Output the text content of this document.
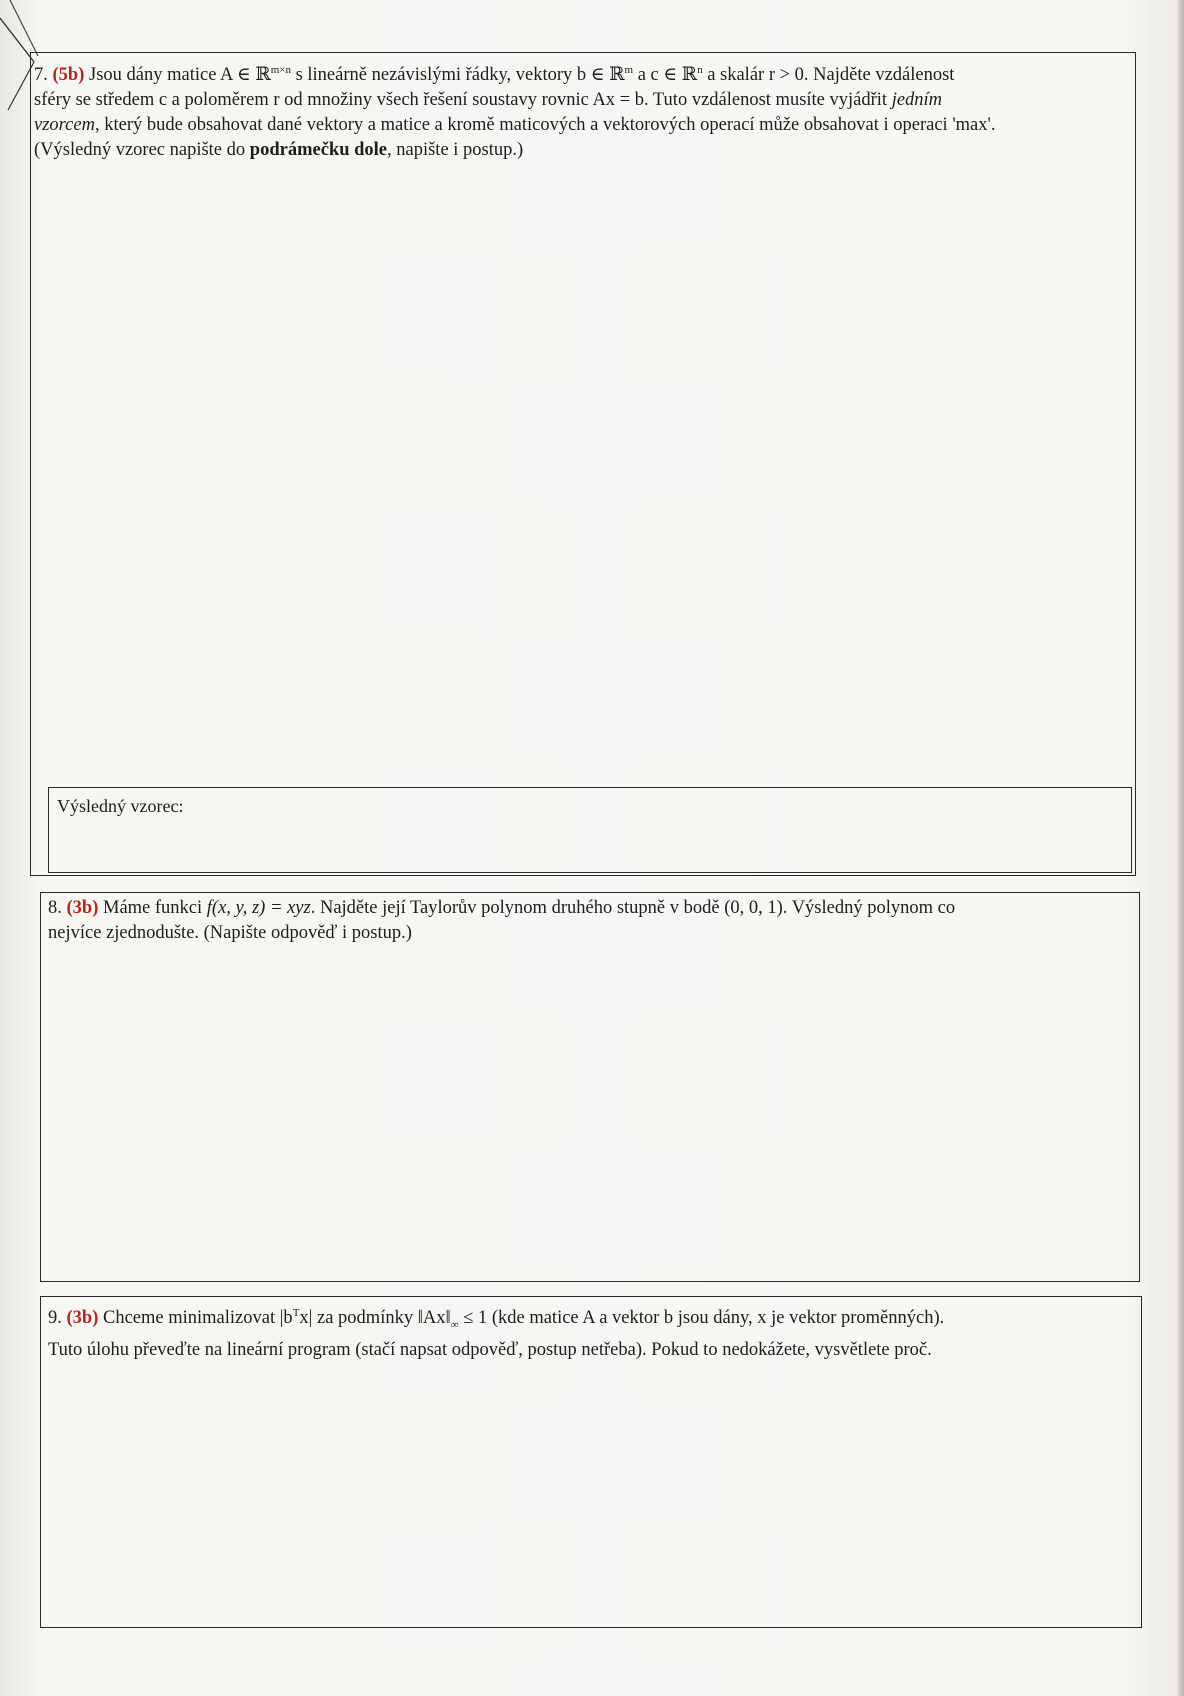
7. (5b) Jsou dány matice A ∈ ℝ$^{m\times n}$ s lineárně nezávislými řádky, vektory b ∈ ℝ$^m$ a c ∈ ℝ$^n$ a skalár r > 0. Najděte vzdálenost
sféry se středem c a poloměrem r od množiny všech řešení soustavy rovnic Ax = b. Tuto vzdálenost musíte vyjádřit jedním
vzorcem, který bude obsahovat dané vektory a matice a kromě maticových a vektorových operací může obsahovat i operaci 'max'.
(Výsledný vzorec napište do podrámečku dole, napište i postup.)
Výsledný vzorec:
8. (3b) Máme funkci f(x, y, z) = xyz. Najděte její Taylorův polynom druhého stupně v bodě (0, 0, 1). Výsledný polynom co
nejvíce zjednodušte. (Napište odpověď i postup.)
9. (3b) Chceme minimalizovat $|b^Tx|$ za podmínky $‖Ax‖_\infty \le 1$ (kde matice A a vektor b jsou dány, x je vektor proměnných).
Tuto úlohu převeďte na lineární program (stačí napsat odpověď, postup netřeba). Pokud to nedokážete, vysvětlete proč.
